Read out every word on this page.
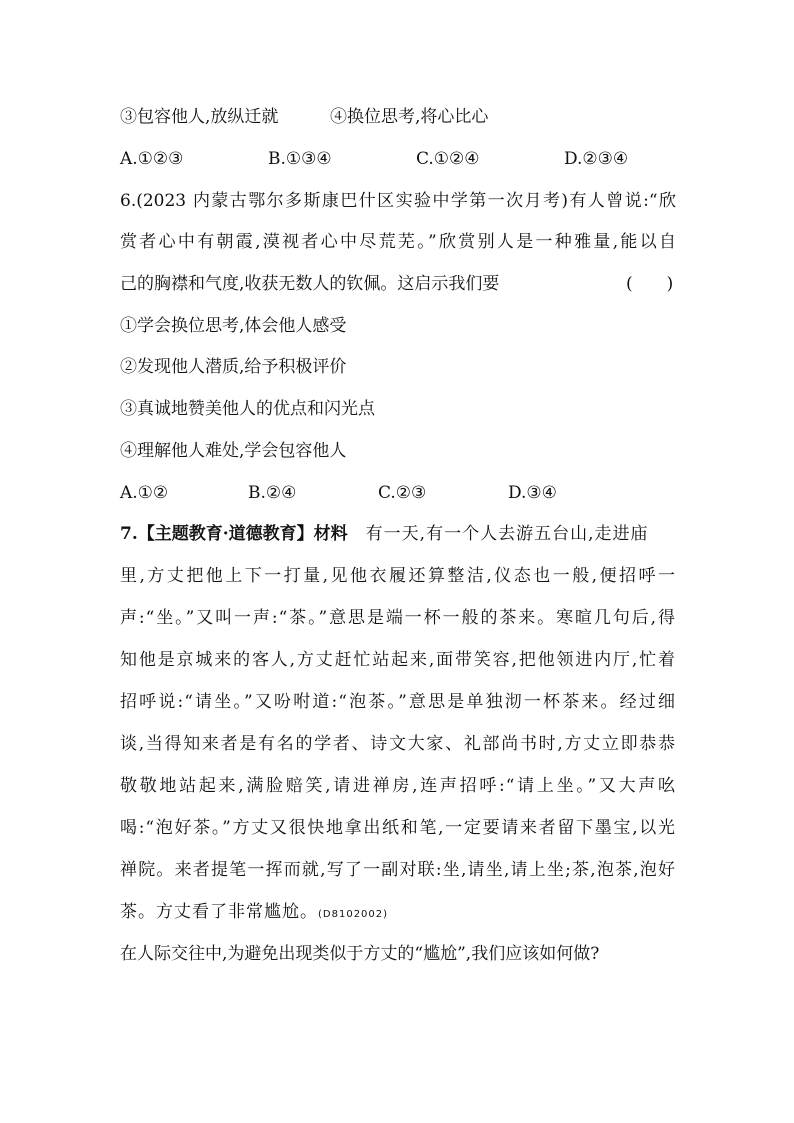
③包容他人,放纵迁就	④换位思考,将心比心
A.①②③	B.①③④	C.①②④	D.②③④
6.(2023 内蒙古鄂尔多斯康巴什区实验中学第一次月考)有人曾说:“欣
赏者心中有朝霞,漠视者心中尽荒芜。”欣赏别人是一种雅量,能以自
己的胸襟和气度,收获无数人的钦佩。这启示我们要	(　　)
①学会换位思考,体会他人感受
②发现他人潜质,给予积极评价
③真诚地赞美他人的优点和闪光点
④理解他人难处,学会包容他人
A.①②	B.②④	C.②③	D.③④
7.【主题教育·道德教育】材料 有一天,有一个人去游五台山,走进庙
里,方丈把他上下一打量,见他衣履还算整洁,仪态也一般,便招呼一
声:“坐。”又叫一声:“茶。”意思是端一杯一般的茶来。寒暄几句后,得
知他是京城来的客人,方丈赶忙站起来,面带笑容,把他领进内厅,忙着
招呼说:“请坐。”又吩咐道:“泡茶。”意思是单独沏一杯茶来。经过细
谈,当得知来者是有名的学者、诗文大家、礼部尚书时,方丈立即恭恭
敬敬地站起来,满脸赔笑,请进禅房,连声招呼:“请上坐。”又大声吆
喝:“泡好茶。”方丈又很快地拿出纸和笔,一定要请来者留下墨宝,以光
禅院。来者提笔一挥而就,写了一副对联:坐,请坐,请上坐;茶,泡茶,泡好
茶。方丈看了非常尴尬。(D8102002)
在人际交往中,为避免出现类似于方丈的“尴尬”,我们应该如何做?
